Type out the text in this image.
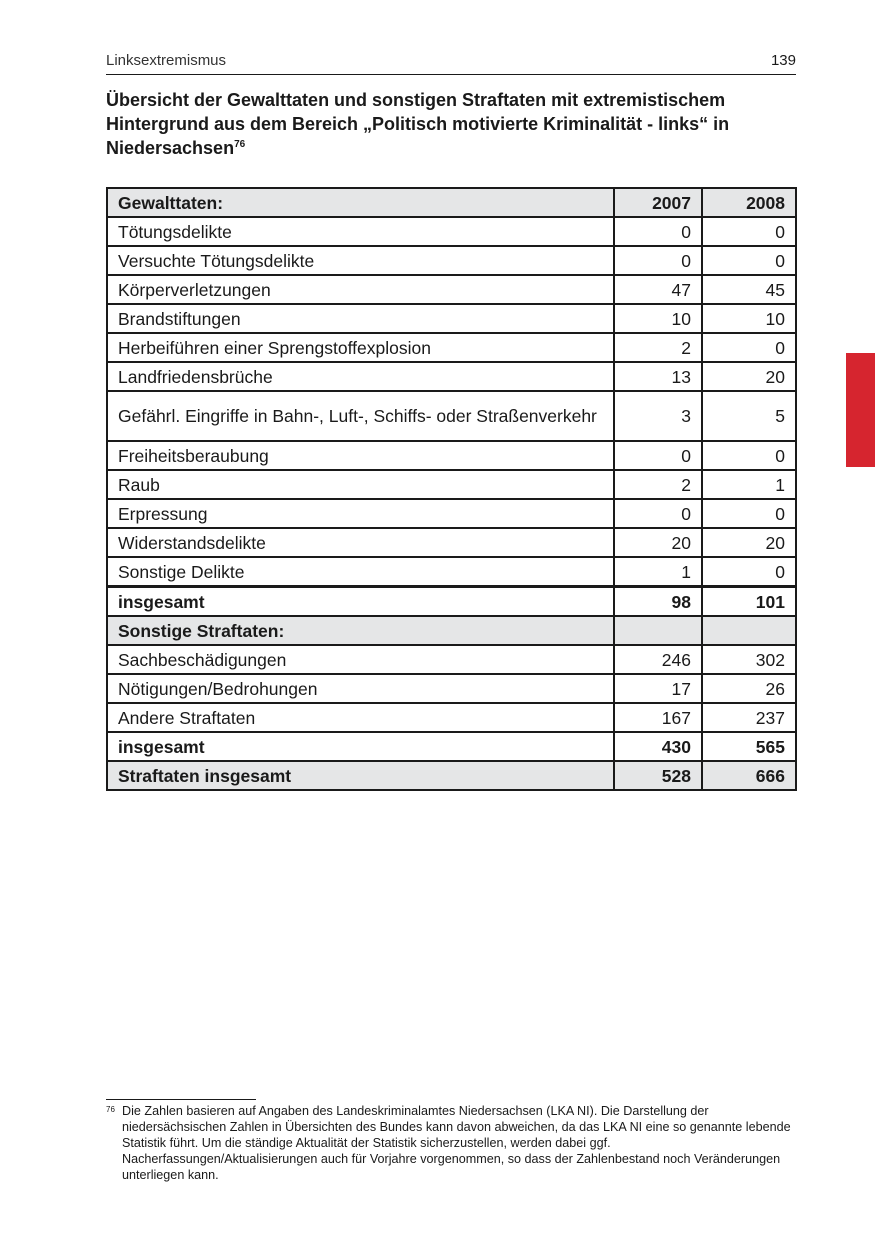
Linksextremismus	139
Übersicht der Gewalttaten und sonstigen Straftaten mit extremistischem Hintergrund aus dem Bereich „Politisch motivierte Kriminalität - links“ in Niedersachsen$^{76}$
Gewalttaten:	2007	2008
Tötungsdelikte	0	0
Versuchte Tötungsdelikte	0	0
Körperverletzungen	47	45
Brandstiftungen	10	10
Herbeiführen einer Sprengstoffexplosion	2	0
Landfriedensbrüche	13	20
Gefährl. Eingriffe in Bahn-, Luft-, Schiffs- oder Straßenverkehr	3	5
Freiheitsberaubung	0	0
Raub	2	1
Erpressung	0	0
Widerstandsdelikte	20	20
Sonstige Delikte	1	0
insgesamt	98	101
Sonstige Straftaten:		
Sachbeschädigungen	246	302
Nötigungen/Bedrohungen	17	26
Andere Straftaten	167	237
insgesamt	430	565
Straftaten insgesamt	528	666
76 Die Zahlen basieren auf Angaben des Landeskriminalamtes Niedersachsen (LKA NI). Die Darstellung der niedersächsischen Zahlen in Übersichten des Bundes kann davon abweichen, da das LKA NI eine so genannte lebende Statistik führt. Um die ständige Aktualität der Statistik sicherzustellen, werden dabei ggf. Nacherfassungen/Aktualisierungen auch für Vorjahre vorgenommen, so dass der Zahlenbestand noch Veränderungen unterliegen kann.
